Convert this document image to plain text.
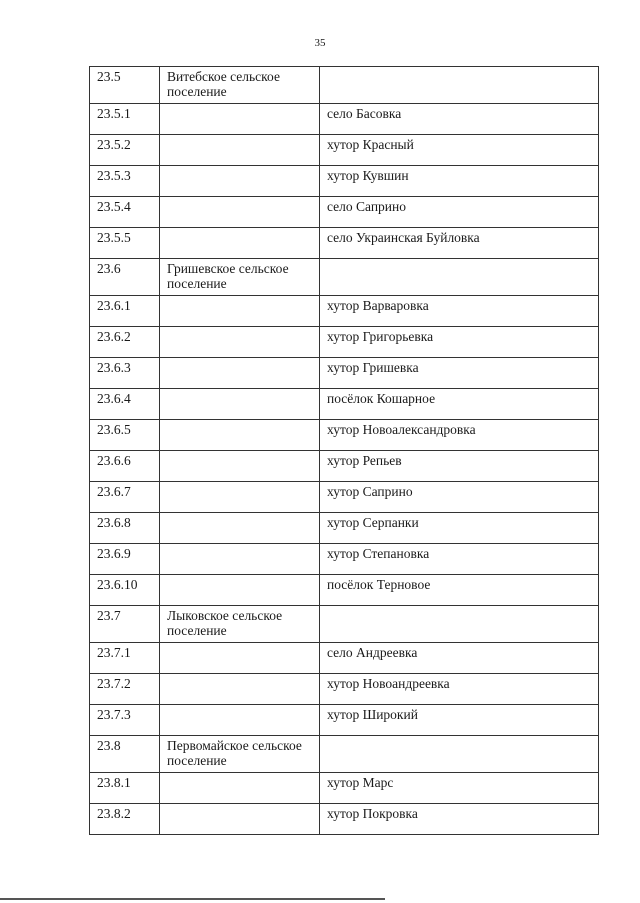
35
23.5	Витебское сельское поселение	
23.5.1		село Басовка
23.5.2		хутор Красный
23.5.3		хутор Кувшин
23.5.4		село Саприно
23.5.5		село Украинская Буйловка
23.6	Гришевское сельское поселение	
23.6.1		хутор Варваровка
23.6.2		хутор Григорьевка
23.6.3		хутор Гришевка
23.6.4		посёлок Кошарное
23.6.5		хутор Новоалександровка
23.6.6		хутор Репьев
23.6.7		хутор Саприно
23.6.8		хутор Серпанки
23.6.9		хутор Степановка
23.6.10		посёлок Терновое
23.7	Лыковское сельское поселение	
23.7.1		село Андреевка
23.7.2		хутор Новоандреевка
23.7.3		хутор Широкий
23.8	Первомайское сельское поселение	
23.8.1		хутор Марс
23.8.2		хутор Покровка
